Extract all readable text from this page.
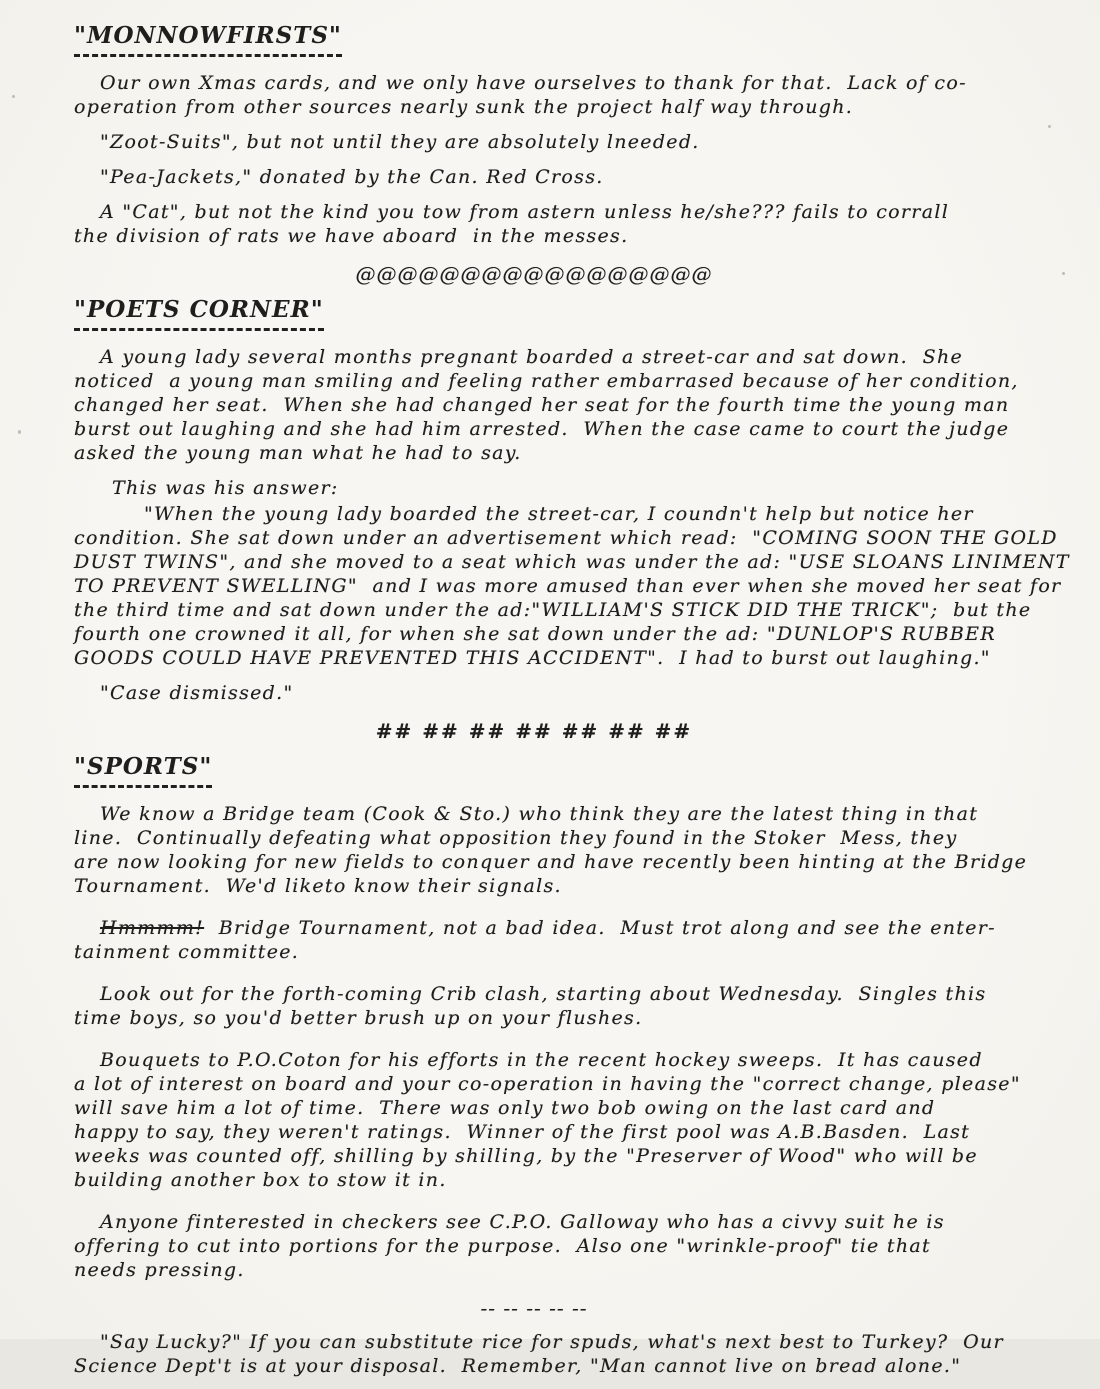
"MONNOWFIRSTS"

Our own Xmas cards, and we only have ourselves to thank for that.  Lack of co-
operation from other sources nearly sunk the project half way through.

"Zoot-Suits", but not until they are absolutely lneeded.

"Pea-Jackets," donated by the Can. Red Cross.

A "Cat", but not the kind you tow from astern unless he/she??? fails to corrall
the division of rats we have aboard  in the messes.

@@@@@@@@@@@@@@@@@
"POETS CORNER"

A young lady several months pregnant boarded a street-car and sat down.  She
noticed  a young man smiling and feeling rather embarrased because of her condition,
changed her seat.  When she had changed her seat for the fourth time the young man
burst out laughing and she had him arrested.  When the case came to court the judge
asked the young man what he had to say.

This was his answer:

"When the young lady boarded the street-car, I coundn't help but notice her
condition. She sat down under an advertisement which read:  "COMING SOON THE GOLD
DUST TWINS", and she moved to a seat which was under the ad: "USE SLOANS LINIMENT
TO PREVENT SWELLING"  and I was more amused than ever when she moved her seat for
the third time and sat down under the ad:"WILLIAM'S STICK DID THE TRICK";  but the
fourth one crowned it all, for when she sat down under the ad: "DUNLOP'S RUBBER
GOODS COULD HAVE PREVENTED THIS ACCIDENT".  I had to burst out laughing."

"Case dismissed."

## ## ## ## ## ## ##
"SPORTS"

We know a Bridge team (Cook & Sto.) who think they are the latest thing in that
line.  Continually defeating what opposition they found in the Stoker  Mess, they
are now looking for new fields to conquer and have recently been hinting at the Bridge
Tournament.  We'd liketo know their signals.

Hmmmm!  Bridge Tournament, not a bad idea.  Must trot along and see the enter-
tainment committee.

Look out for the forth-coming Crib clash, starting about Wednesday.  Singles this
time boys, so you'd better brush up on your flushes.

Bouquets to P.O.Coton for his efforts in the recent hockey sweeps.  It has caused
a lot of interest on board and your co-operation in having the "correct change, please"
will save him a lot of time.  There was only two bob owing on the last card and
happy to say, they weren't ratings.  Winner of the first pool was A.B.Basden.  Last
weeks was counted off, shilling by shilling, by the "Preserver of Wood" who will be
building another box to stow it in.

Anyone finterested in checkers see C.P.O. Galloway who has a civvy suit he is
offering to cut into portions for the purpose.  Also one "wrinkle-proof" tie that
needs pressing.

-- -- -- -- --

"Say Lucky?" If you can substitute rice for spuds, what's next best to Turkey?  Our
Science Dept't is at your disposal.  Remember, "Man cannot live on bread alone."
